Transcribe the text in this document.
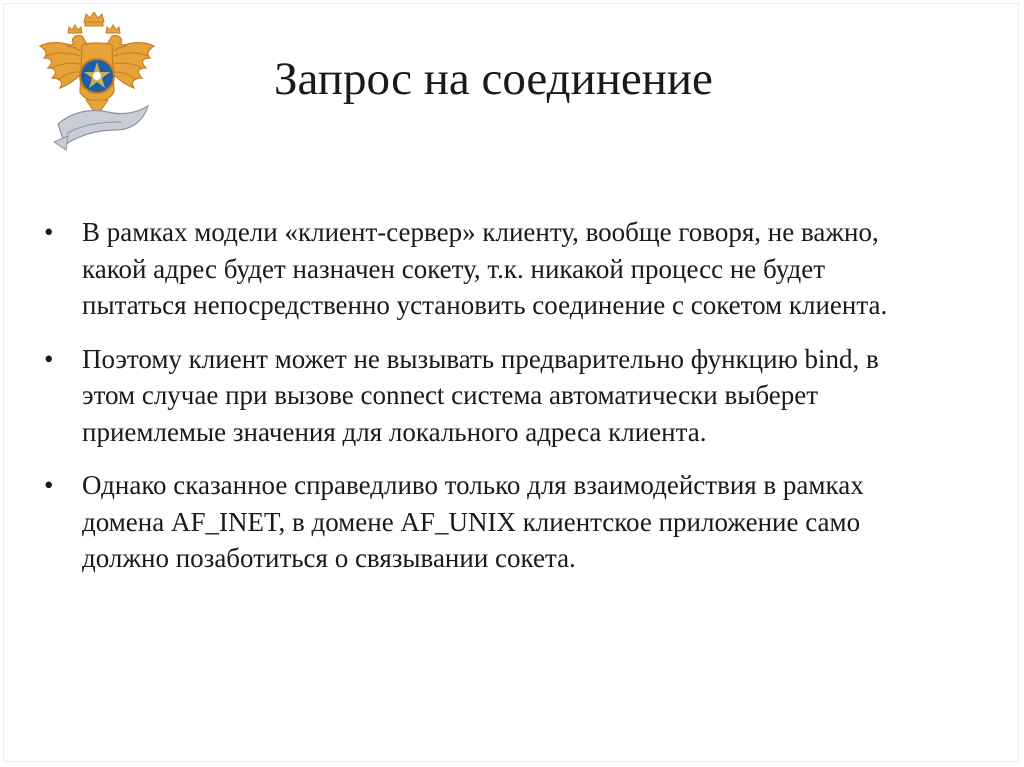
Запрос на соединение
•	В рамках модели «клиент-сервер» клиенту, вообще говоря, не важно, какой адрес будет назначен сокету, т.к. никакой процесс не будет пытаться непосредственно установить соединение с сокетом клиента.
•	Поэтому клиент может не вызывать предварительно функцию bind, в этом случае при вызове connect система автоматически выберет приемлемые значения для локального адреса клиента.
•	Однако сказанное справедливо только для взаимодействия в рамках домена AF_INET, в домене AF_UNIX клиентское приложение само должно позаботиться о связывании сокета.
